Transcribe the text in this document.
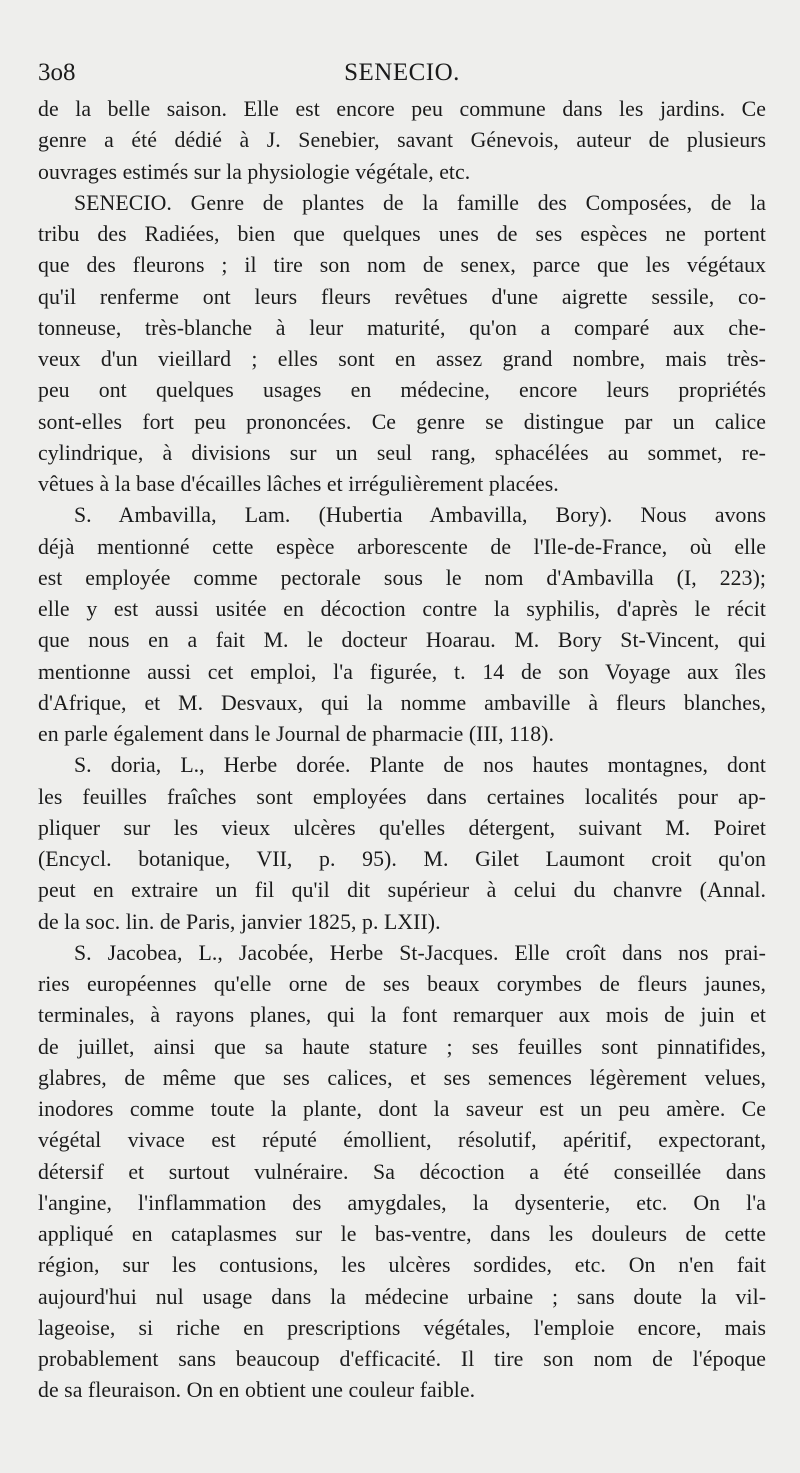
3o8	SENECIO.
de la belle saison. Elle est encore peu commune dans les jardins. Ce
genre a été dédié à J. Senebier, savant Génevois, auteur de plusieurs
ouvrages estimés sur la physiologie végétale, etc.
SENECIO. Genre de plantes de la famille des Composées, de la
tribu des Radiées, bien que quelques unes de ses espèces ne portent
que des fleurons ; il tire son nom de senex, parce que les végétaux
qu'il renferme ont leurs fleurs revêtues d'une aigrette sessile, co-
tonneuse, très-blanche à leur maturité, qu'on a comparé aux che-
veux d'un vieillard ; elles sont en assez grand nombre, mais très-
peu ont quelques usages en médecine, encore leurs propriétés
sont-elles fort peu prononcées. Ce genre se distingue par un calice
cylindrique, à divisions sur un seul rang, sphacélées au sommet, re-
vêtues à la base d'écailles lâches et irrégulièrement placées.
S. Ambavilla, Lam. (Hubertia Ambavilla, Bory). Nous avons
déjà mentionné cette espèce arborescente de l'Ile-de-France, où elle
est employée comme pectorale sous le nom d'Ambavilla (I, 223);
elle y est aussi usitée en décoction contre la syphilis, d'après le récit
que nous en a fait M. le docteur Hoarau. M. Bory St-Vincent, qui
mentionne aussi cet emploi, l'a figurée, t. 14 de son Voyage aux îles
d'Afrique, et M. Desvaux, qui la nomme ambaville à fleurs blanches,
en parle également dans le Journal de pharmacie (III, 118).
S. doria, L., Herbe dorée. Plante de nos hautes montagnes, dont
les feuilles fraîches sont employées dans certaines localités pour ap-
pliquer sur les vieux ulcères qu'elles détergent, suivant M. Poiret
(Encycl. botanique, VII, p. 95). M. Gilet Laumont croit qu'on
peut en extraire un fil qu'il dit supérieur à celui du chanvre (Annal.
de la soc. lin. de Paris, janvier 1825, p. LXII).
S. Jacobea, L., Jacobée, Herbe St-Jacques. Elle croît dans nos prai-
ries européennes qu'elle orne de ses beaux corymbes de fleurs jaunes,
terminales, à rayons planes, qui la font remarquer aux mois de juin et
de juillet, ainsi que sa haute stature ; ses feuilles sont pinnatifides,
glabres, de même que ses calices, et ses semences légèrement velues,
inodores comme toute la plante, dont la saveur est un peu amère. Ce
végétal vivace est réputé émollient, résolutif, apéritif, expectorant,
détersif et surtout vulnéraire. Sa décoction a été conseillée dans
l'angine, l'inflammation des amygdales, la dysenterie, etc. On l'a
appliqué en cataplasmes sur le bas-ventre, dans les douleurs de cette
région, sur les contusions, les ulcères sordides, etc. On n'en fait
aujourd'hui nul usage dans la médecine urbaine ; sans doute la vil-
lageoise, si riche en prescriptions végétales, l'emploie encore, mais
probablement sans beaucoup d'efficacité. Il tire son nom de l'époque
de sa fleuraison. On en obtient une couleur faible.
